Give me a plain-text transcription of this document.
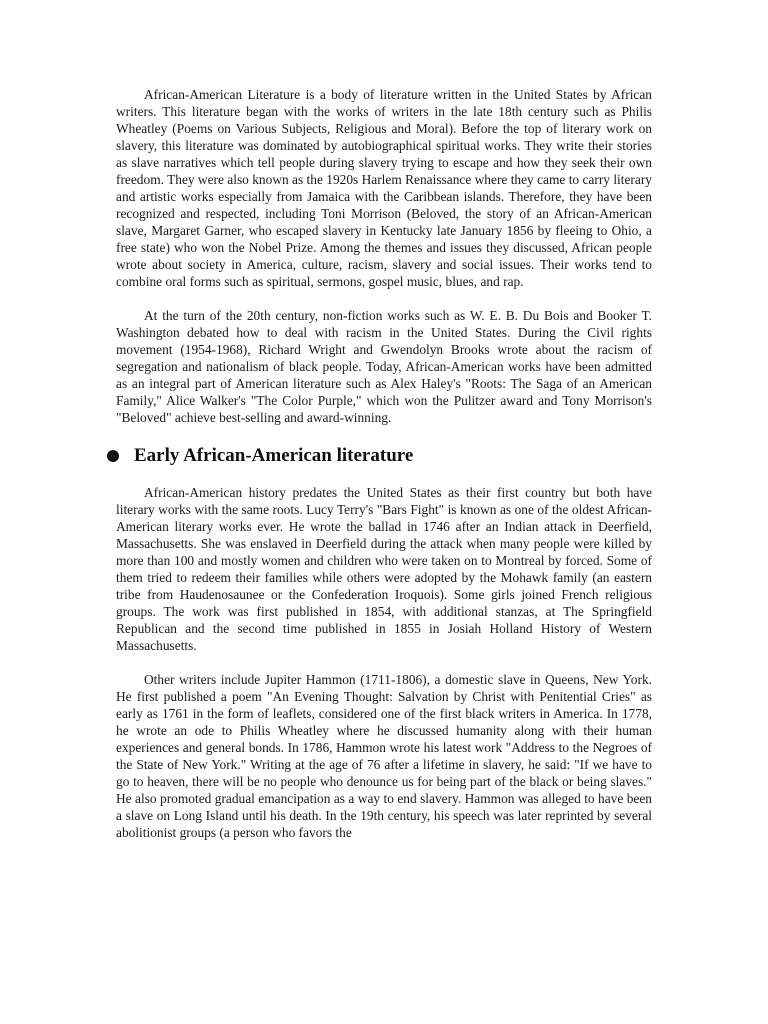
African-American Literature is a body of literature written in the United States by African writers. This literature began with the works of writers in the late 18th century such as Philis Wheatley (Poems on Various Subjects, Religious and Moral). Before the top of literary work on slavery, this literature was dominated by autobiographical spiritual works. They write their stories as slave narratives which tell people during slavery trying to escape and how they seek their own freedom. They were also known as the 1920s Harlem Renaissance where they came to carry literary and artistic works especially from Jamaica with the Caribbean islands. Therefore, they have been recognized and respected, including Toni Morrison (Beloved, the story of an African-American slave, Margaret Garner, who escaped slavery in Kentucky late January 1856 by fleeing to Ohio, a free state) who won the Nobel Prize. Among the themes and issues they discussed, African people wrote about society in America, culture, racism, slavery and social issues. Their works tend to combine oral forms such as spiritual, sermons, gospel music, blues, and rap.

At the turn of the 20th century, non-fiction works such as W. E. B. Du Bois and Booker T. Washington debated how to deal with racism in the United States. During the Civil rights movement (1954-1968), Richard Wright and Gwendolyn Brooks wrote about the racism of segregation and nationalism of black people. Today, African-American works have been admitted as an integral part of American literature such as Alex Haley's "Roots: The Saga of an American Family," Alice Walker's "The Color Purple," which won the Pulitzer award and Tony Morrison's "Beloved" achieve best-selling and award-winning.

Early African-American literature

African-American history predates the United States as their first country but both have literary works with the same roots. Lucy Terry's "Bars Fight" is known as one of the oldest African-American literary works ever. He wrote the ballad in 1746 after an Indian attack in Deerfield, Massachusetts. She was enslaved in Deerfield during the attack when many people were killed by more than 100 and mostly women and children who were taken on to Montreal by forced. Some of them tried to redeem their families while others were adopted by the Mohawk family (an eastern tribe from Haudenosaunee or the Confederation Iroquois). Some girls joined French religious groups. The work was first published in 1854, with additional stanzas, at The Springfield Republican and the second time published in 1855 in Josiah Holland History of Western Massachusetts.

Other writers include Jupiter Hammon (1711-1806), a domestic slave in Queens, New York. He first published a poem "An Evening Thought: Salvation by Christ with Penitential Cries" as early as 1761 in the form of leaflets, considered one of the first black writers in America. In 1778, he wrote an ode to Philis Wheatley where he discussed humanity along with their human experiences and general bonds. In 1786, Hammon wrote his latest work "Address to the Negroes of the State of New York." Writing at the age of 76 after a lifetime in slavery, he said: "If we have to go to heaven, there will be no people who denounce us for being part of the black or being slaves." He also promoted gradual emancipation as a way to end slavery. Hammon was alleged to have been a slave on Long Island until his death. In the 19th century, his speech was later reprinted by several abolitionist groups (a person who favors the
